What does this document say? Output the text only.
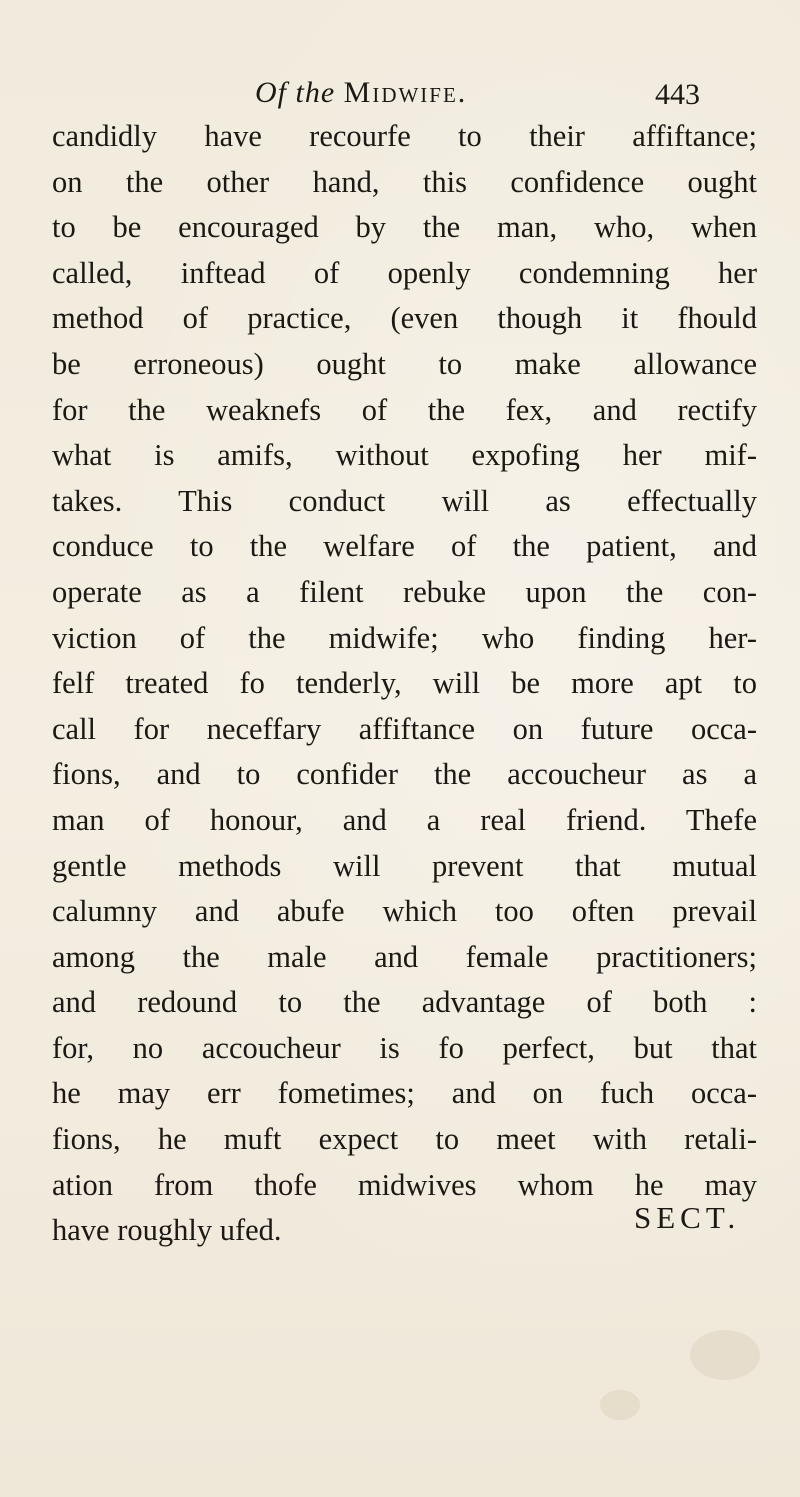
Of the Midwife.	443
candidly have recourfe to their affiftance;
on the other hand, this confidence ought
to be encouraged by the man, who, when
called, inftead of openly condemning her
method of practice, (even though it fhould
be erroneous) ought to make allowance
for the weaknefs of the fex, and rectify
what is amifs, without expofing her mif-
takes. This conduct will as effectually
conduce to the welfare of the patient, and
operate as a filent rebuke upon the con-
viction of the midwife; who finding her-
felf treated fo tenderly, will be more apt to
call for neceffary affiftance on future occa-
fions, and to confider the accoucheur as a
man of honour, and a real friend. Thefe
gentle methods will prevent that mutual
calumny and abufe which too often prevail
among the male and female practitioners;
and redound to the advantage of both :
for, no accoucheur is fo perfect, but that
he may err fometimes; and on fuch occa-
fions, he muft expect to meet with retali-
ation from thofe midwives whom he may
have roughly ufed.	SECT.
